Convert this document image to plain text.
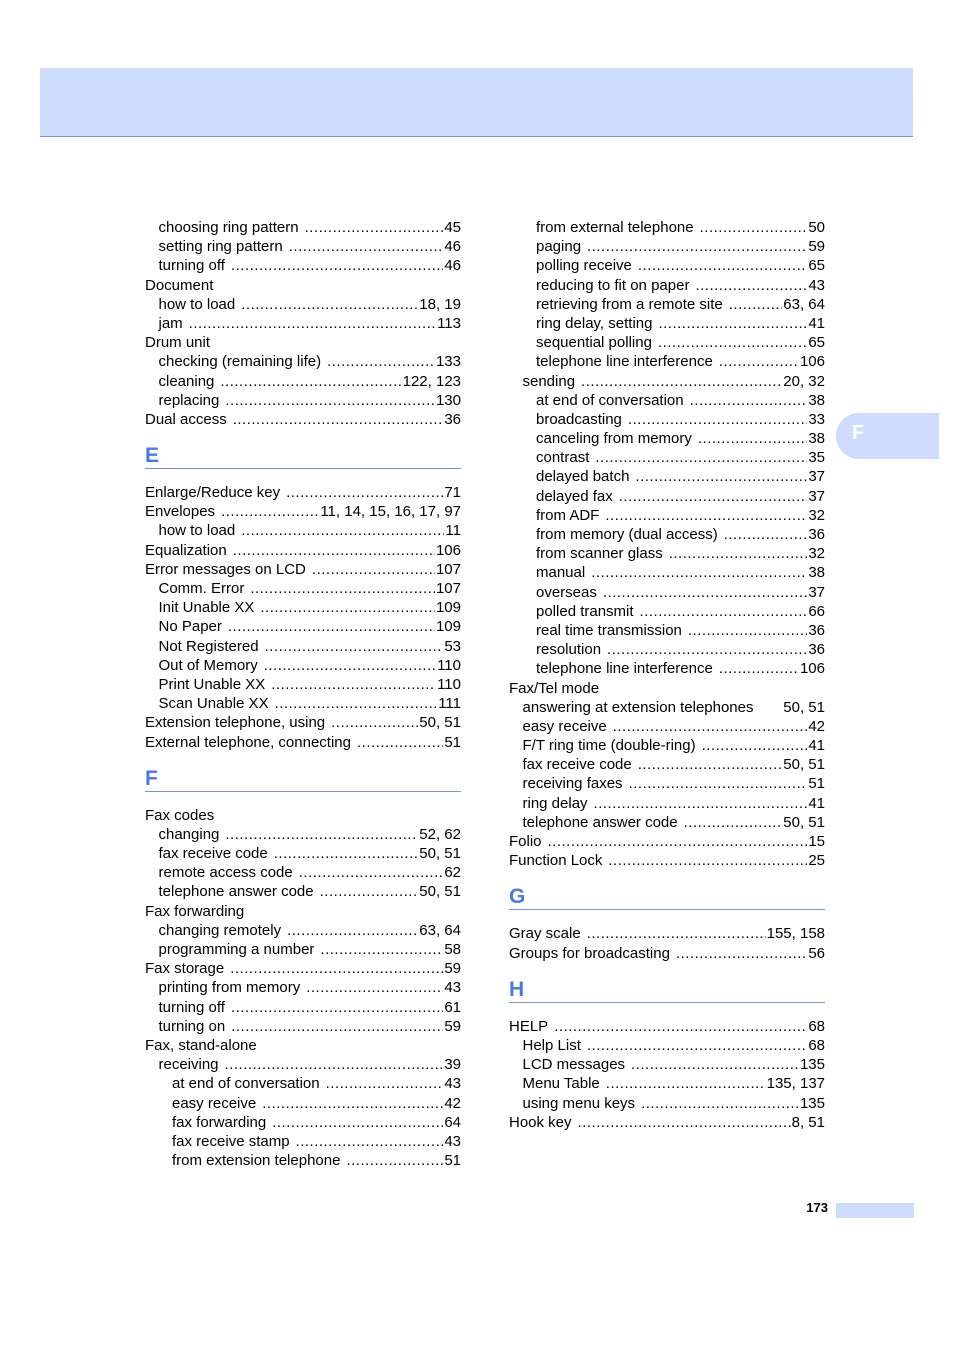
F
choosing ring pattern .....	45
setting ring pattern .....	46
turning off .....	46
Document
how to load .....	18, 19
jam .....	113
Drum unit
checking (remaining life) .....	133
cleaning .....	122, 123
replacing .....	130
Dual access .....	36
E
Enlarge/Reduce key .....	71
Envelopes .....	11, 14, 15, 16, 17, 97
how to load .....	11
Equalization .....	106
Error messages on LCD .....	107
Comm. Error .....	107
Init Unable XX .....	109
No Paper .....	109
Not Registered .....	53
Out of Memory .....	110
Print Unable XX .....	110
Scan Unable XX .....	111
Extension telephone, using .....	50, 51
External telephone, connecting .....	51
F
Fax codes
changing .....	52, 62
fax receive code .....	50, 51
remote access code .....	62
telephone answer code .....	50, 51
Fax forwarding
changing remotely .....	63, 64
programming a number .....	58
Fax storage .....	59
printing from memory .....	43
turning off .....	61
turning on .....	59
Fax, stand-alone
receiving .....	39
at end of conversation .....	43
easy receive .....	42
fax forwarding .....	64
fax receive stamp .....	43
from extension telephone .....	51
from external telephone .....	50
paging .....	59
polling receive .....	65
reducing to fit on paper .....	43
retrieving from a remote site .....	63, 64
ring delay, setting .....	41
sequential polling .....	65
telephone line interference .....	106
sending .....	20, 32
at end of conversation .....	38
broadcasting .....	33
canceling from memory .....	38
contrast .....	35
delayed batch .....	37
delayed fax .....	37
from ADF .....	32
from memory (dual access) .....	36
from scanner glass .....	32
manual .....	38
overseas .....	37
polled transmit .....	66
real time transmission .....	36
resolution .....	36
telephone line interference .....	106
Fax/Tel mode
answering at extension telephones 50, 51
easy receive .....	42
F/T ring time (double-ring) .....	41
fax receive code .....	50, 51
receiving faxes .....	51
ring delay .....	41
telephone answer code .....	50, 51
Folio .....	15
Function Lock .....	25
G
Gray scale .....	155, 158
Groups for broadcasting .....	56
H
HELP .....	68
Help List .....	68
LCD messages .....	135
Menu Table .....	135, 137
using menu keys .....	135
Hook key .....	8, 51
173
